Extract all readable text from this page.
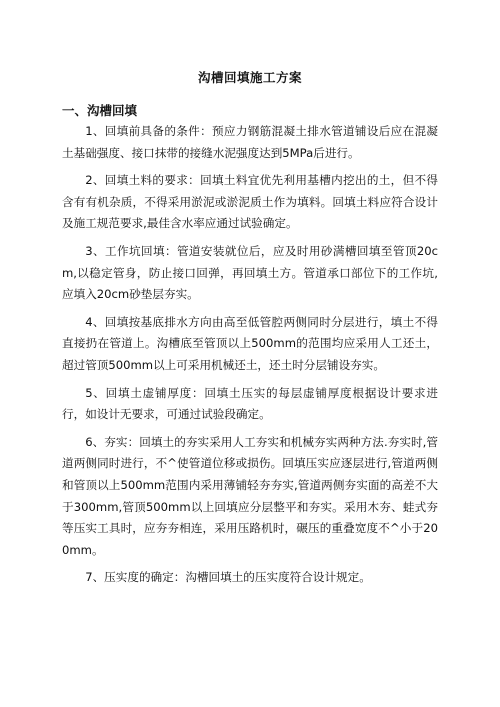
沟槽回填施工方案
一、沟槽回填

1、回填前具备的条件：预应力钢筋混凝土排水管道铺设后应在混凝土基础强度、接口抹带的接缝水泥强度达到5MPa后进行。

2、回填土料的要求：回填土料宜优先利用基槽内挖出的土，但不得含有有机杂质，不得采用淤泥或淤泥质土作为填料。回填土料应符合设计及施工规范要求,最佳含水率应通过试验确定。

3、工作坑回填：管道安装就位后，应及时用砂满槽回填至管顶20cm,以稳定管身，防止接口回弹，再回填土方。管道承口部位下的工作坑,应填入20cm砂垫层夯实。

4、回填按基底排水方向由高至低管腔两侧同时分层进行，填土不得直接扔在管道上。沟槽底至管顶以上500mm的范围均应采用人工还土，超过管顶500mm以上可采用机械还土，还土时分层铺设夯实。

5、回填土虚铺厚度：回填土压实的每层虚铺厚度根据设计要求进行，如设计无要求，可通过试验段确定。

6、夯实：回填土的夯实采用人工夯实和机械夯实两种方法.夯实时,管道两侧同时进行，不^使管道位移或损伤。回填压实应逐层进行,管道两侧和管顶以上500mm范围内采用薄铺轻夯夯实,管道两侧夯实面的高差不大于300mm,管顶500mm以上回填应分层整平和夯实。采用木夯、蛙式夯等压实工具时，应夯夯相连，采用压路机时，碾压的重叠宽度不^小于200mm。

7、压实度的确定：沟槽回填土的压实度符合设计规定。
